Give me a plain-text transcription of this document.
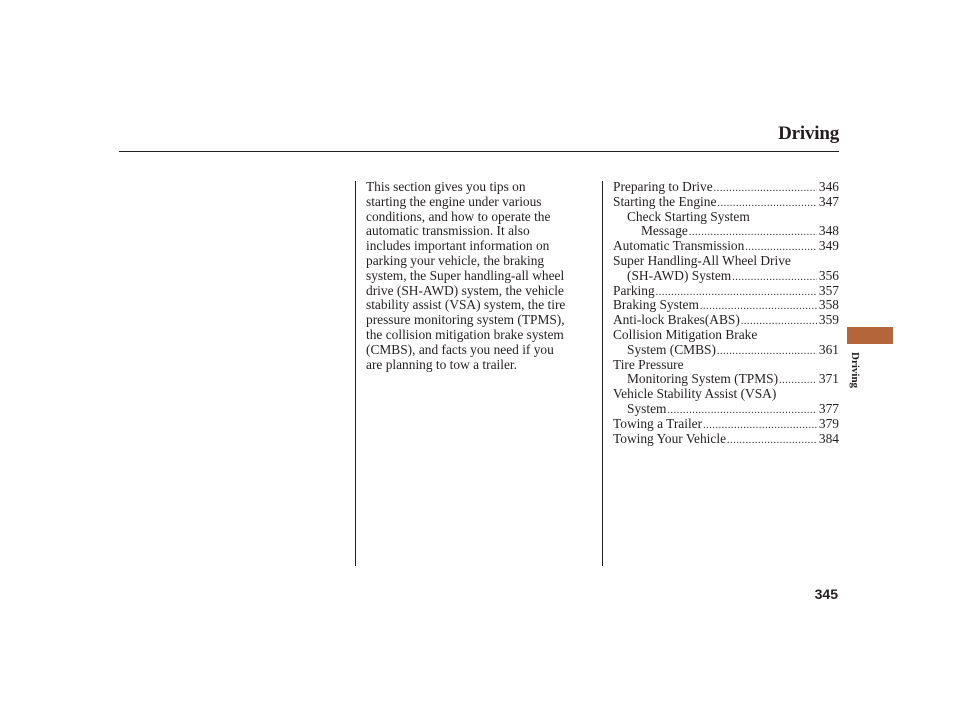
Driving
This section gives you tips on
starting the engine under various
conditions, and how to operate the
automatic transmission. It also
includes important information on
parking your vehicle, the braking
system, the Super handling-all wheel
drive (SH-AWD) system, the vehicle
stability assist (VSA) system, the tire
pressure monitoring system (TPMS),
the collision mitigation brake system
(CMBS), and facts you need if you
are planning to tow a trailer.
Preparing to Drive .....	346
Starting the Engine .....	347
Check Starting System
Message .....	348
Automatic Transmission .....	349
Super Handling-All Wheel Drive
(SH-AWD) System .....	356
Parking .....	357
Braking System .....	358
Anti-lock Brakes(ABS) .....	359
Collision Mitigation Brake
System (CMBS) .....	361
Tire Pressure
Monitoring System (TPMS) .....	371
Vehicle Stability Assist (VSA)
System .....	377
Towing a Trailer .....	379
Towing Your Vehicle .....	384
Driving
345
